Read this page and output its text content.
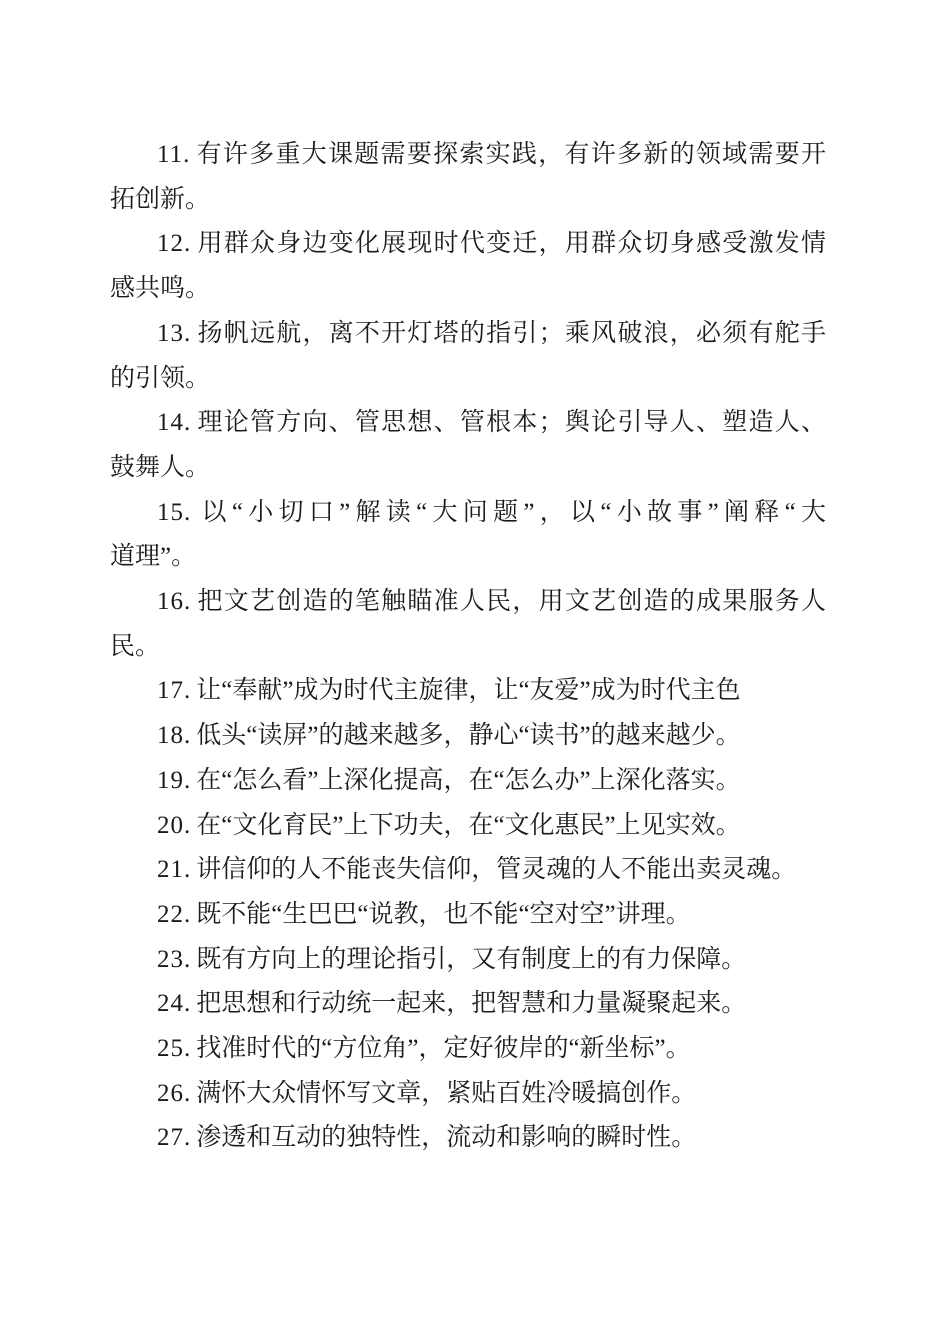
11. 有许多重大课题需要探索实践，有许多新的领域需要开
拓创新。
12. 用群众身边变化展现时代变迁，用群众切身感受激发情
感共鸣。
13. 扬帆远航，离不开灯塔的指引；乘风破浪，必须有舵手
的引领。
14. 理论管方向、管思想、管根本；舆论引导人、塑造人、
鼓舞人。
15. 以“小切口”解读“大问题”，以“小故事”阐释“大
道理”。
16. 把文艺创造的笔触瞄准人民，用文艺创造的成果服务人
民。
17. 让“奉献”成为时代主旋律，让“友爱”成为时代主色
18. 低头“读屏”的越来越多，静心“读书”的越来越少。
19. 在“怎么看”上深化提高，在“怎么办”上深化落实。
20. 在“文化育民”上下功夫，在“文化惠民”上见实效。
21. 讲信仰的人不能丧失信仰，管灵魂的人不能出卖灵魂。
22. 既不能“生巴巴“说教，也不能“空对空”讲理。
23. 既有方向上的理论指引，又有制度上的有力保障。
24. 把思想和行动统一起来，把智慧和力量凝聚起来。
25. 找准时代的“方位角”，定好彼岸的“新坐标”。
26. 满怀大众情怀写文章，紧贴百姓冷暖搞创作。
27. 渗透和互动的独特性，流动和影响的瞬时性。
